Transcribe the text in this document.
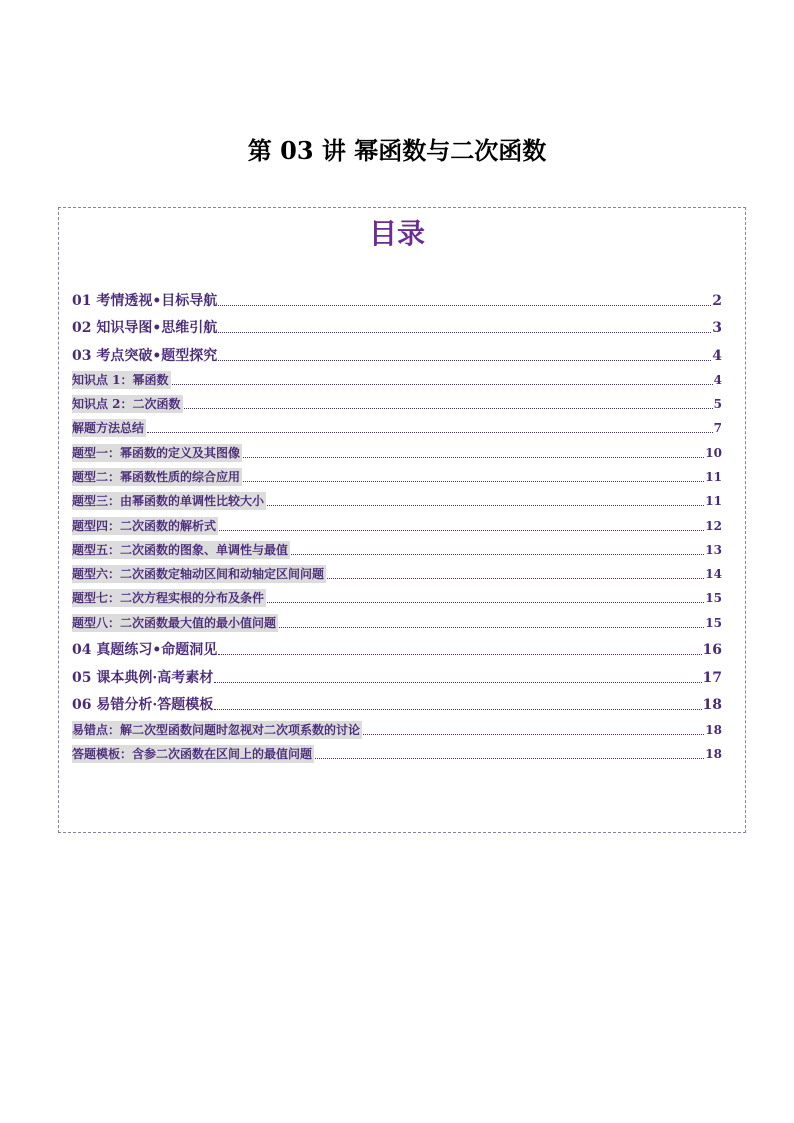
第 03 讲 幂函数与二次函数
目录
01 考情透视•目标导航	2
02 知识导图•思维引航	3
03 考点突破•题型探究	4
知识点 1：幂函数	4
知识点 2：二次函数	5
解题方法总结	7
题型一：幂函数的定义及其图像	10
题型二：幂函数性质的综合应用	11
题型三：由幂函数的单调性比较大小	11
题型四：二次函数的解析式	12
题型五：二次函数的图象、单调性与最值	13
题型六：二次函数定轴动区间和动轴定区间问题	14
题型七：二次方程实根的分布及条件	15
题型八：二次函数最大值的最小值问题	15
04 真题练习•命题洞见	16
05 课本典例·高考素材	17
06 易错分析·答题模板	18
易错点：解二次型函数问题时忽视对二次项系数的讨论	18
答题模板：含参二次函数在区间上的最值问题	18
